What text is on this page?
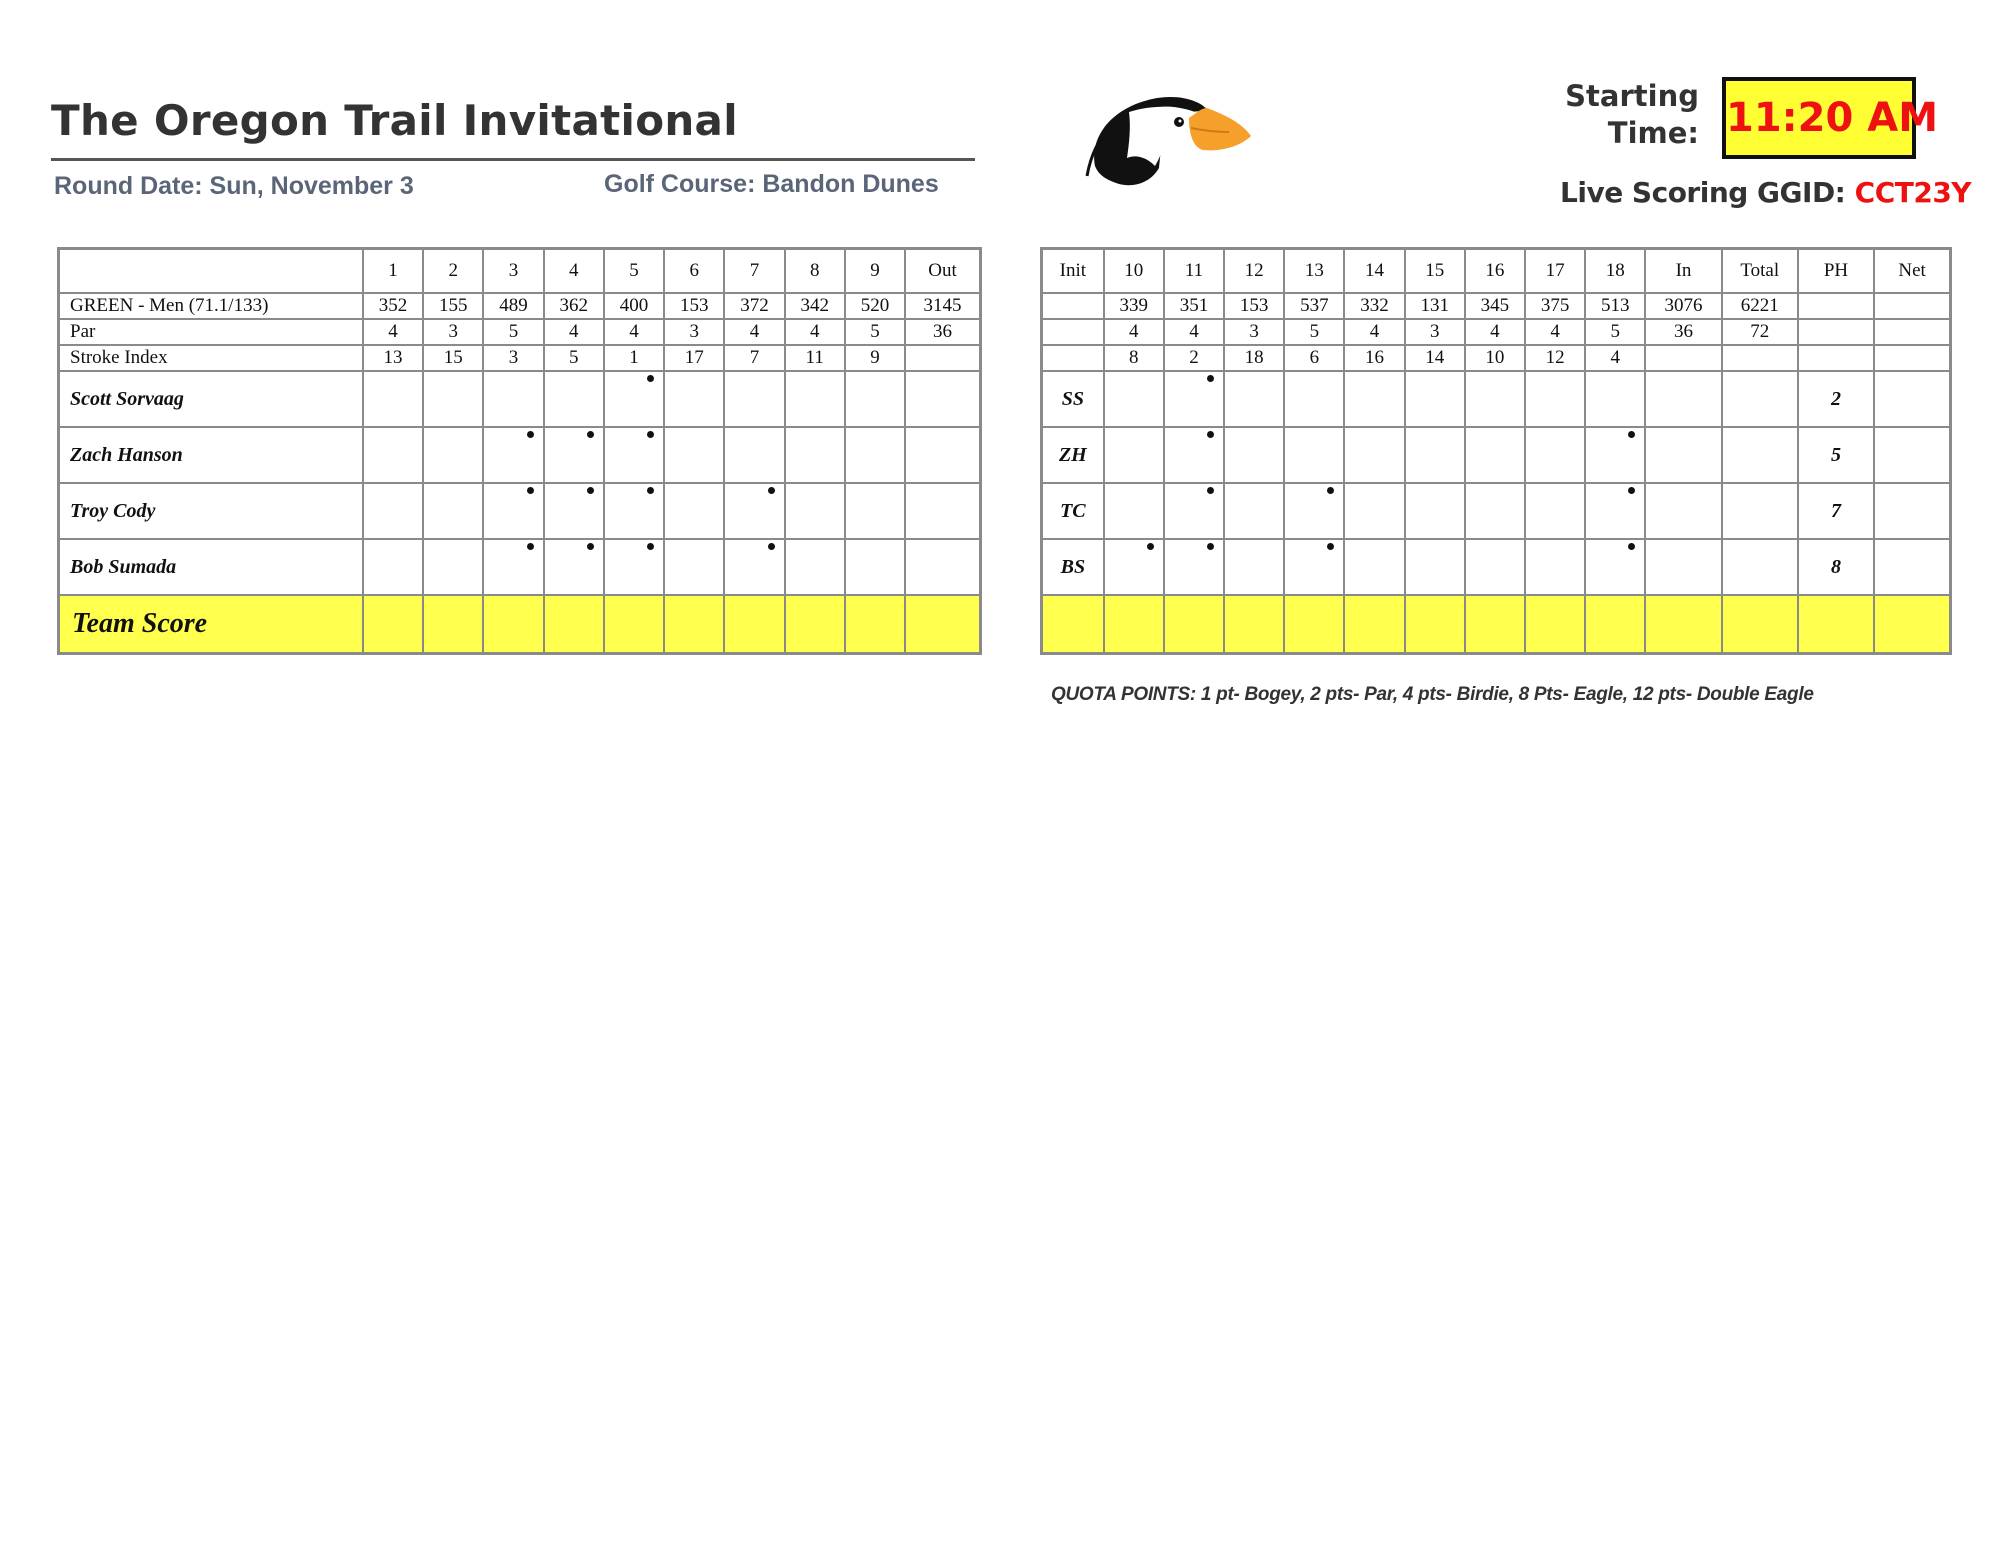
The Oregon Trail Invitational
Round Date: Sun, November 3	Golf Course: Bandon Dunes
Starting
Time: 11:20 AM
Live Scoring GGID: CCT23Y
	1	2	3	4	5	6	7	8	9	Out
GREEN - Men (71.1/133)	352	155	489	362	400	153	372	342	520	3145
Par	4	3	5	4	4	3	4	4	5	36
Stroke Index	13	15	3	5	1	17	7	11	9	
Scott Sorvaag					

Zach Hanson			

Troy Cody			

Bob Sumada			

Team Score										
Init	10	11	12	13	14	15	16	17	18	In	Total	PH	Net
	339	351	153	537	332	131	345	375	513	3076	6221		
	4	4	3	5	4	3	4	4	5	36	72		
	8	2	18	6	16	14	10	12	4				
SS												2	
ZH												5	
TC												7	
BS												8	

QUOTA POINTS: 1 pt- Bogey, 2 pts- Par, 4 pts- Birdie, 8 Pts- Eagle, 12 pts- Double Eagle
